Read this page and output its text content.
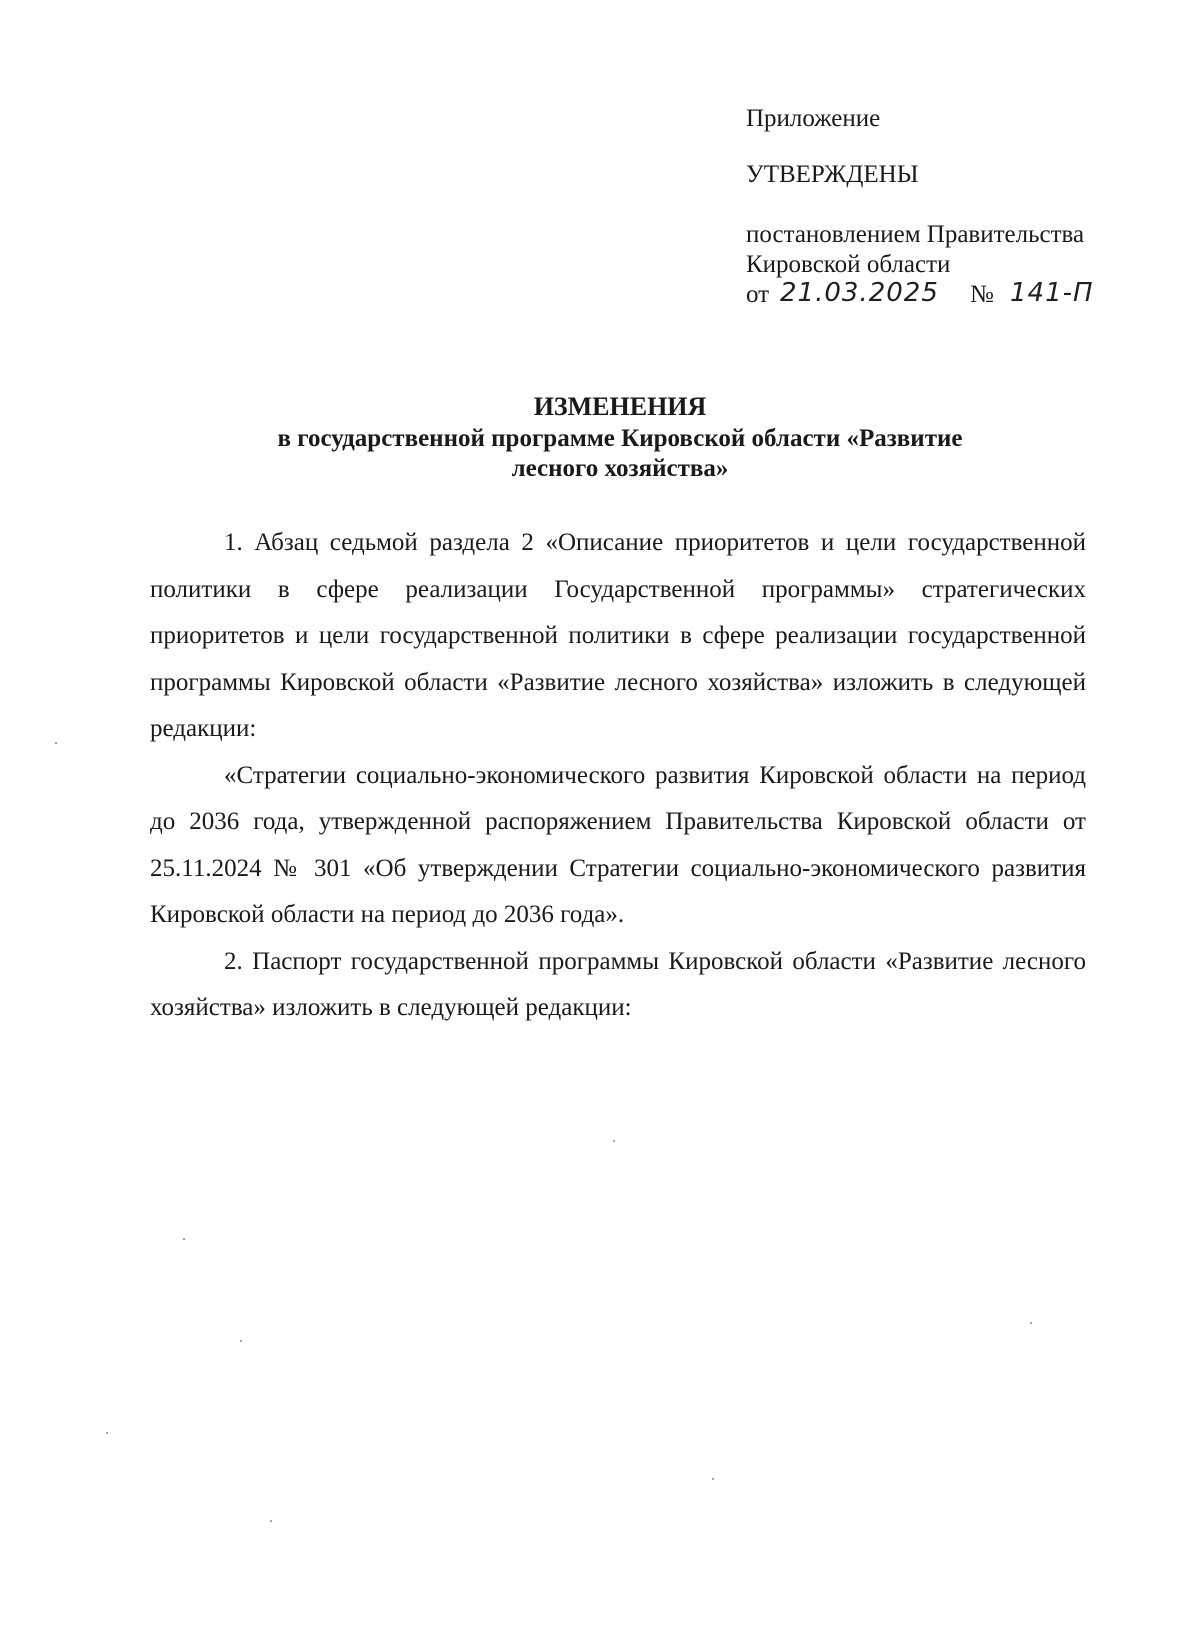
Приложение
УТВЕРЖДЕНЫ
постановлением Правительства
Кировской области
от 21.03.2025 № 141-П
ИЗМЕНЕНИЯ
в государственной программе Кировской области «Развитие
лесного хозяйства»

1. Абзац седьмой раздела 2 «Описание приоритетов и цели государственной политики в сфере реализации Государственной программы» стратегических приоритетов и цели государственной политики в сфере реализации государственной программы Кировской области «Развитие лесного хозяйства» изложить в следующей редакции:

«Стратегии социально-экономического развития Кировской области на период до 2036 года, утвержденной распоряжением Правительства Кировской области от 25.11.2024 № 301 «Об утверждении Стратегии социально-экономического развития Кировской области на период до 2036 года».

2. Паспорт государственной программы Кировской области «Развитие лесного хозяйства» изложить в следующей редакции:
